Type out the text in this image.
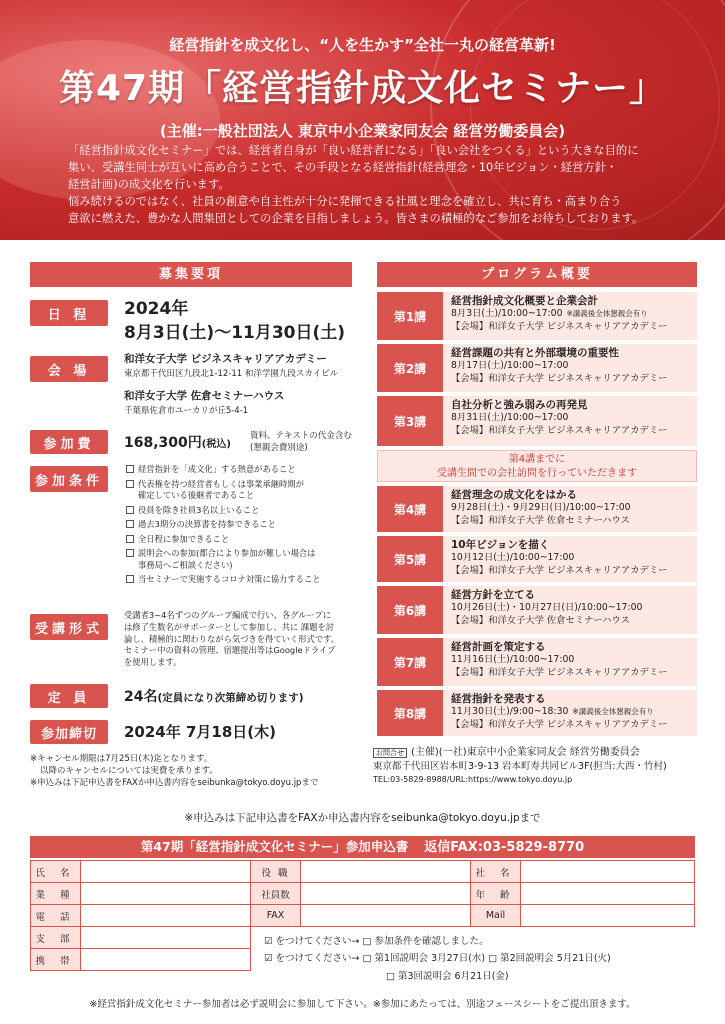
経営指針を成文化し、“人を生かす”全社一丸の経営革新!
第47期「経営指針成文化セミナー」
(主催:一般社団法人 東京中小企業家同友会 経営労働委員会)

「経営指針成文化セミナー」では、経営者自身が「良い経営者になる」「良い会社をつくる」という大きな目的に

集い、受講生同士が互いに高め合うことで、その手段となる経営指針(経営理念・10年ビジョン・経営方針・

経営計画)の成文化を行います。

悩み続けるのではなく、社員の創意や自主性が十分に発揮できる社風と理念を確立し、共に育ち・高まり合う

意欲に燃えた、豊かな人間集団としての企業を目指しましょう。皆さまの積極的なご参加をお待ちしております。

募集要項
日 程	2024年
8月3日(土)～11月30日(土)
会 場
和洋女子大学 ビジネスキャリアアカデミー
東京都千代田区九段北1-12-11 和洋学園九段スカイビル
和洋女子大学 佐倉セミナーハウス
千葉県佐倉市ユーカリが丘5-4-1
参加費	168,300円(税込)
資料、テキストの代金含む
(懇親会費別途)
参加条件
経営指針を「成文化」する熱意があること
代表権を持つ経営者もしくは事業承継時期が
確定している後継者であること
役員を除き社員3名以上いること
過去3期分の決算書を持参できること
全日程に参加できること
説明会への参加(都合により参加が難しい場合は
事務局へご相談ください)
当セミナーで実施するコロナ対策に協力すること
受講形式
受講者3~4名ずつのグループ編成で行い、各グループに
は修了生数名がサポーターとして参加し、共に 課題を討
論し、積極的に関わりながら気づきを得ていく形式です。
セミナー中の資料の管理、宿題提出等はGoogleドライブ
を使用します。
定 員	24名(定員になり次第締め切ります)
参加締切	2024年 7月18日(木)
※キャンセル期限は7月25日(木)迄となります。
以降のキャンセルについては実費を承ります。
※申込みは下記申込書をFAXか申込書内容をseibunka@tokyo.doyu.jpまで
プログラム概要
第1講
経営指針成文化概要と企業会計
8月3日(土)/10:00~17:00 ※講義後全体懇親会有り
【会場】和洋女子大学 ビジネスキャリアアカデミー
第2講
経営課題の共有と外部環境の重要性
8月17日(土)/10:00~17:00
【会場】和洋女子大学 ビジネスキャリアアカデミー
第3講
自社分析と強み弱みの再発見
8月31日(土)/10:00~17:00
【会場】和洋女子大学 ビジネスキャリアアカデミー
第4講
経営理念の成文化をはかる
9月28日(土)・9月29日(日)/10:00~17:00
【会場】和洋女子大学 佐倉セミナーハウス
第5講
10年ビジョンを描く
10月12日(土)/10:00~17:00
【会場】和洋女子大学 ビジネスキャリアアカデミー
第6講
経営方針を立てる
10月26日(土)・10月27日(日)/10:00~17:00
【会場】和洋女子大学 佐倉セミナーハウス
第7講
経営計画を策定する
11月16日(土)/10:00~17:00
【会場】和洋女子大学 ビジネスキャリアアカデミー
第8講
経営指針を発表する
11月30日(土)/9:00~18:30 ※講義後全体懇親会有り
【会場】和洋女子大学 ビジネスキャリアアカデミー
第4講までに
受講生間での会社訪問を行っていただきます
お問合せ (主催)(一社)東京中小企業家同友会 経営労働委員会
東京都千代田区岩本町3-9-13 岩本町寿共同ビル3F(担当:大西・竹村)
TEL:03-5829-8988/URL:https://www.tokyo.doyu.jp
※申込みは下記申込書をFAXか申込書内容をseibunka@tokyo.doyu.jpまで
第47期「経営指針成文化セミナー」参加申込書 返信FAX:03-5829-8770
氏 名		役 職		社 名	
業 種		社員数		年 齢	
電 話		FAX		Mail	
支 部					
携 帯					
☑ をつけてください→ □ 参加条件を確認しました。
☑ をつけてください→ □ 第1回説明会 3月27日(水) □ 第2回説明会 5月21日(火)
□ 第3回説明会 6月21日(金)
※経営指針成文化セミナー参加者は必ず説明会に参加して下さい。※参加にあたっては、別途フェースシートをご提出頂きます。
